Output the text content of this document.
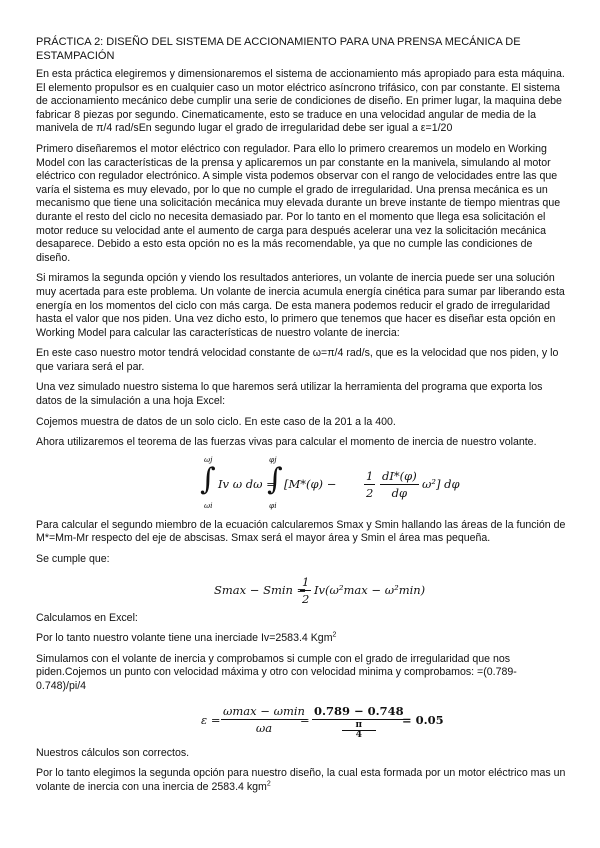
PRÁCTICA 2: DISEÑO DEL SISTEMA DE ACCIONAMIENTO PARA UNA PRENSA MECÁNICA DE ESTAMPACIÓN

En esta práctica elegiremos y dimensionaremos el sistema de accionamiento más apropiado para esta máquina. El elemento propulsor es en cualquier caso un motor eléctrico asíncrono trifásico, con par constante. El sistema de accionamiento mecánico debe cumplir una serie de condiciones de diseño. En primer lugar, la maquina debe fabricar 8 piezas por segundo. Cinematicamente, esto se traduce en una velocidad angular de media de la manivela de π/4 rad/sEn segundo lugar el grado de irregularidad debe ser igual a ε=1/20

Primero diseñaremos el motor eléctrico con regulador. Para ello lo primero crearemos un modelo en Working Model con las características de la prensa y aplicaremos un par constante en la manivela, simulando al motor eléctrico con regulador electrónico. A simple vista podemos observar con el rango de velocidades entre las que varía el sistema es muy elevado, por lo que no cumple el grado de irregularidad. Una prensa mecánica es un mecanismo que tiene una solicitación mecánica muy elevada durante un breve instante de tiempo mientras que durante el resto del ciclo no necesita demasiado par. Por lo tanto en el momento que llega esa solicitación el motor reduce su velocidad ante el aumento de carga para después acelerar una vez la solicitación mecánica desaparece. Debido a esto esta opción no es la más recomendable, ya que no cumple las condiciones de diseño.

Si miramos la segunda opción y viendo los resultados anteriores, un volante de inercia puede ser una solución muy acertada para este problema. Un volante de inercia acumula energía cinética para sumar par liberando esta energía en los momentos del ciclo con más carga. De esta manera podemos reducir el grado de irregularidad hasta el valor que nos piden. Una vez dicho esto, lo primero que tenemos que hacer es diseñar esta opción en Working Model para calcular las características de nuestro volante de inercia:

En este caso nuestro motor tendrá velocidad constante de ω=π/4 rad/s, que es la velocidad que nos piden, y lo que variara será el par.

Una vez simulado nuestro sistema lo que haremos será utilizar la herramienta del programa que exporta los datos de la simulación a una hoja Excel:

Cojemos muestra de datos de un solo ciclo. En este caso de la 201 a la 400.

Ahora utilizaremos el teorema de las fuerzas vivas para calcular el momento de inercia de nuestro volante.

ωj
∫
ωi
Iv ω dω =
φj
∫
φi
$[M*(\varphi) - \frac{1}{2} \frac{dI*(\varphi)}{d\varphi} \omega^2]$ dφ

Para calcular el segundo miembro de la ecuación calcularemos Smax y Smin hallando las áreas de la función de M*=Mm-Mr respecto del eje de abscisas. Smax será el mayor área y Smin el área mas pequeña.

Se cumple que:

Smax − Smin =
$\frac{1}{2} Iv(\omega^2\max - \omega^2\min)$

Calculamos en Excel:

Por lo tanto nuestro volante tiene una inerciade Iv=2583.4 Kgm$^2$

Simulamos con el volante de inercia y comprobamos si cumple con el grado de irregularidad que nos piden.Cojemos un punto con velocidad máxima y otro con velocidad minima y comprobamos: =(0.789-0.748)/pi/4

ε =
ωmax − ωmin
ωa
=
0.789 − 0.748
π
4
= 0.05

Nuestros cálculos son correctos.

Por lo tanto elegimos la segunda opción para nuestro diseño, la cual esta formada por un motor eléctrico mas un volante de inercia con una inercia de 2583.4 kgm$^2$
